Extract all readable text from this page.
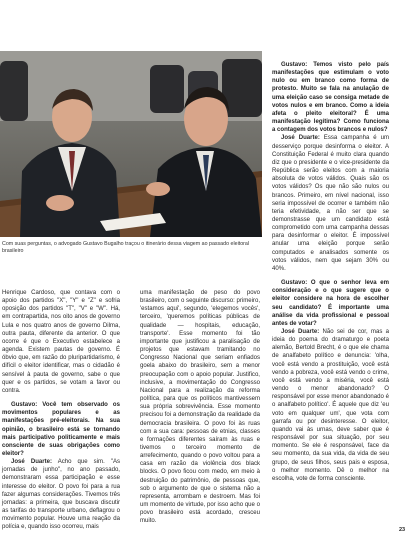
Com suas perguntas, o advogado Gustavo Bugalho traçou o itinerário dessa viagem ao passado eleitoral brasileiro

Henrique Cardoso, que contava com o apoio dos partidos "X", "Y" e "Z" e sofria oposição dos partidos "T", "V" e "W". Há, em contrapartida, nos oito anos de governo Lula e nos quatro anos de governo Dilma, outra pauta, diferente da anterior. O que ocorre é que o Executivo estabelece a agenda. Existem pautas de governo. É óbvio que, em razão do pluripartidarismo, é difícil o eleitor identificar, mas o cidadão é sensível à pauta de governo, sabe o que quer e os partidos, se votam a favor ou contra.

Gustavo: Você tem observado os movimentos populares e as manifestações pré-eleitorais. Na sua opinião, o brasileiro está se tornando mais participativo politicamente e mais consciente de suas obrigações como eleitor?

José Duarte: Acho que sim. "As jornadas de junho", no ano passado, demonstraram essa participação e esse interesse do eleitor. O povo foi para a rua fazer algumas considerações. Tivemos três jornadas: a primeira, que buscava discutir as tarifas do transporte urbano, deflagrou o movimento popular. Houve uma reação da polícia e, quando isso ocorreu, mais

uma manifestação de peso do povo brasileiro, com o seguinte discurso: primeiro, 'estamos aqui', segundo, 'elegemos vocês', terceiro, 'queremos políticas públicas de qualidade — hospitais, educação, transporte'. Esse momento foi tão importante que justificou a paralisação de projetos que estavam tramitando no Congresso Nacional que seriam enfiados goela abaixo do brasileiro, sem a menor preocupação com o apoio popular. Justifico, inclusive, a movimentação do Congresso Nacional para a realização da reforma política, para que os políticos mantivessem sua própria sobrevivência. Esse momento precisou foi a demonstração da realidade da democracia brasileira. O povo foi às ruas com a sua cara: pessoas de etnias, classes e formações diferentes saíram às ruas e tivemos o terceiro momento de arrefecimento, quando o povo voltou para a casa em razão da violência dos black blocks. O povo ficou com medo, em meio à destruição do patrimônio, de pessoas que, sob o argumento de que o sistema não a representa, arrombam e destroem. Mas foi um momento de virtude, por isso acho que o povo brasileiro está acordado, cresceu muito.

Gustavo: Temos visto pelo país manifestações que estimulam o voto nulo ou em branco como forma de protesto. Muito se fala na anulação de uma eleição caso se consiga metade de votos nulos e em branco. Como a ideia afeta o pleito eleitoral? É uma manifestação legítima? Como funciona a contagem dos votos brancos e nulos?

José Duarte: Essa campanha é um desserviço porque desinforma o eleitor. A Constituição Federal é muito clara quando diz que o presidente e o vice-presidente da República serão eleitos com a maioria absoluta de votos válidos. Quais são os votos válidos? Os que não são nulos ou brancos. Primeiro, em nível nacional, isso seria impossível de ocorrer e também não teria efetividade, a não ser que se demonstrasse que um candidato está comprometido com uma campanha dessas para desinformar o eleitor. É impossível anular uma eleição porque serão computados e analisados somente os votos válidos, nem que sejam 30% ou 40%.

Gustavo: O que o senhor leva em consideração e o que sugere que o eleitor considere na hora de escolher seu candidato? É importante uma análise da vida profissional e pessoal antes de votar?

José Duarte: Não sei de cor, mas a ideia do poema do dramaturgo e poeta alemão, Bertold Brecht, é o que ele chama de analfabeto político e denuncia: 'olha, você está vendo a prostituição, você está vendo a pobreza, você está vendo o crime, você está vendo a miséria, você está vendo o menor abandonado? O responsável por esse menor abandonado é o analfabeto político'. É aquele que diz 'eu voto em qualquer um', que vota com garrafa ou por desinteresse. O eleitor, quando vai às urnas, deve saber que é responsável por sua situação, por seu momento. Se ele é responsável, face da seu momento, da sua vida, da vida de seu grupo, de seus filhos, seus pais e esposa, o melhor momento. Dê o melhor na escolha, vote de forma consciente.

23
